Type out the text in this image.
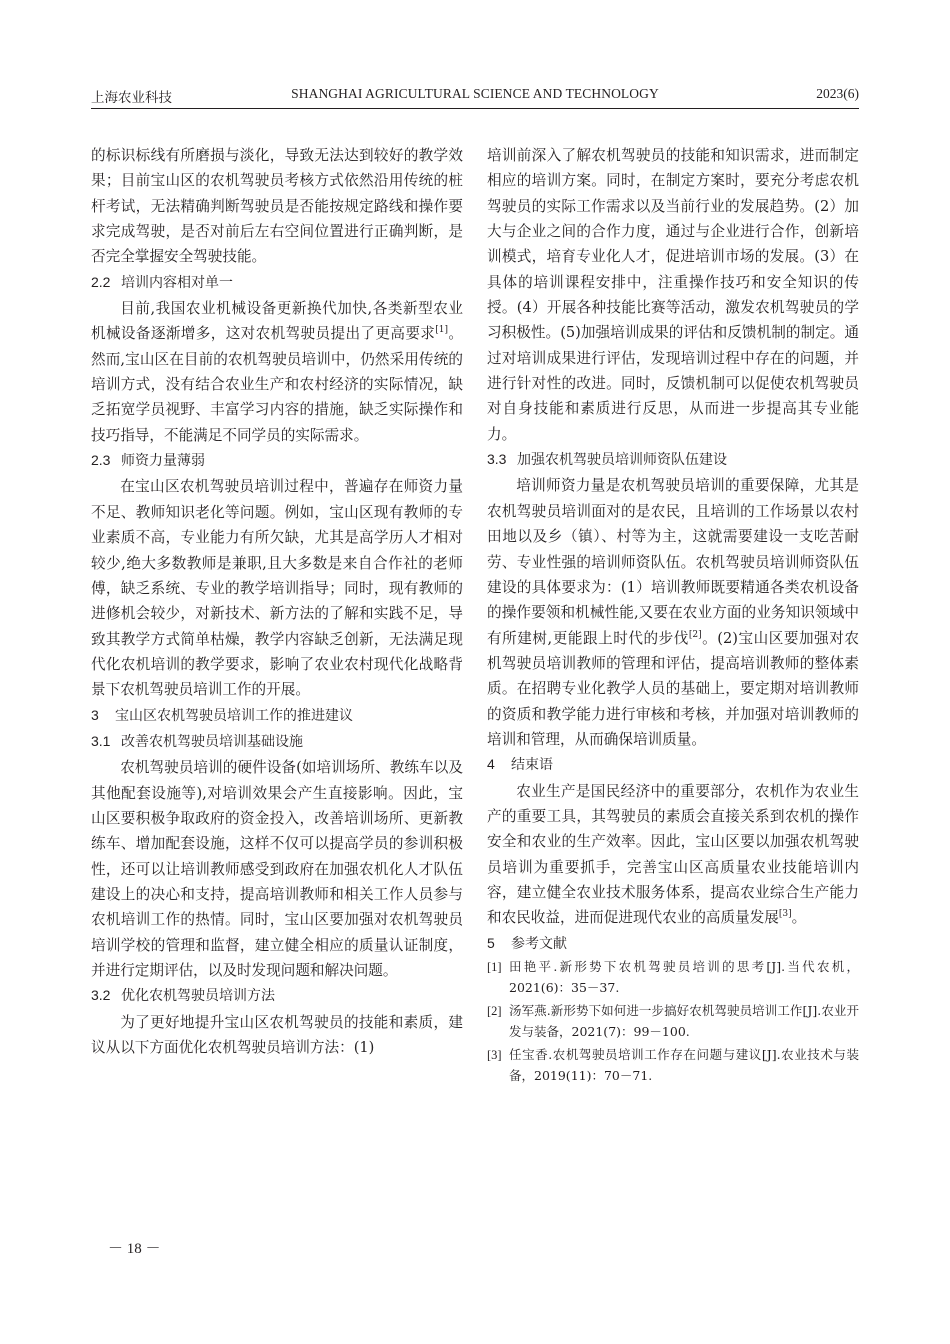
上海农业科技	SHANGHAI AGRICULTURAL SCIENCE AND TECHNOLOGY	2023(6)

的标识标线有所磨损与淡化，导致无法达到较好的教学效果；目前宝山区的农机驾驶员考核方式依然沿用传统的桩杆考试，无法精确判断驾驶员是否能按规定路线和操作要求完成驾驶，是否对前后左右空间位置进行正确判断，是否完全掌握安全驾驶技能。

2.2 培训内容相对单一

目前,我国农业机械设备更新换代加快,各类新型农业机械设备逐渐增多，这对农机驾驶员提出了更高要求[1]。然而,宝山区在目前的农机驾驶员培训中，仍然采用传统的培训方式，没有结合农业生产和农村经济的实际情况，缺乏拓宽学员视野、丰富学习内容的措施，缺乏实际操作和技巧指导，不能满足不同学员的实际需求。

2.3 师资力量薄弱

在宝山区农机驾驶员培训过程中，普遍存在师资力量不足、教师知识老化等问题。例如，宝山区现有教师的专业素质不高，专业能力有所欠缺，尤其是高学历人才相对较少,绝大多数教师是兼职,且大多数是来自合作社的老师傅，缺乏系统、专业的教学培训指导；同时，现有教师的进修机会较少，对新技术、新方法的了解和实践不足，导致其教学方式简单枯燥，教学内容缺乏创新，无法满足现代化农机培训的教学要求，影响了农业农村现代化战略背景下农机驾驶员培训工作的开展。

3 宝山区农机驾驶员培训工作的推进建议
3.1 改善农机驾驶员培训基础设施

农机驾驶员培训的硬件设备(如培训场所、教练车以及其他配套设施等),对培训效果会产生直接影响。因此，宝山区要积极争取政府的资金投入，改善培训场所、更新教练车、增加配套设施，这样不仅可以提高学员的参训积极性，还可以让培训教师感受到政府在加强农机化人才队伍建设上的决心和支持，提高培训教师和相关工作人员参与农机培训工作的热情。同时，宝山区要加强对农机驾驶员培训学校的管理和监督，建立健全相应的质量认证制度，并进行定期评估，以及时发现问题和解决问题。

3.2 优化农机驾驶员培训方法

为了更好地提升宝山区农机驾驶员的技能和素质，建议从以下方面优化农机驾驶员培训方法：(1)

培训前深入了解农机驾驶员的技能和知识需求，进而制定相应的培训方案。同时，在制定方案时，要充分考虑农机驾驶员的实际工作需求以及当前行业的发展趋势。(2）加大与企业之间的合作力度，通过与企业进行合作，创新培训模式，培育专业化人才，促进培训市场的发展。(3）在具体的培训课程安排中，注重操作技巧和安全知识的传授。(4）开展各种技能比赛等活动，激发农机驾驶员的学习积极性。(5)加强培训成果的评估和反馈机制的制定。通过对培训成果进行评估，发现培训过程中存在的问题，并进行针对性的改进。同时，反馈机制可以促使农机驾驶员对自身技能和素质进行反思，从而进一步提高其专业能力。

3.3 加强农机驾驶员培训师资队伍建设

培训师资力量是农机驾驶员培训的重要保障，尤其是农机驾驶员培训面对的是农民，且培训的工作场景以农村田地以及乡（镇）、村等为主，这就需要建设一支吃苦耐劳、专业性强的培训师资队伍。农机驾驶员培训师资队伍建设的具体要求为：(1）培训教师既要精通各类农机设备的操作要领和机械性能,又要在农业方面的业务知识领域中有所建树,更能跟上时代的步伐[2]。(2)宝山区要加强对农机驾驶员培训教师的管理和评估，提高培训教师的整体素质。在招聘专业化教学人员的基础上，要定期对培训教师的资质和教学能力进行审核和考核，并加强对培训教师的培训和管理，从而确保培训质量。

4 结束语

农业生产是国民经济中的重要部分，农机作为农业生产的重要工具，其驾驶员的素质会直接关系到农机的操作安全和农业的生产效率。因此，宝山区要以加强农机驾驶员培训为重要抓手，完善宝山区高质量农业技能培训内容，建立健全农业技术服务体系，提高农业综合生产能力和农民收益，进而促进现代农业的高质量发展[3]。

5 参考文献
[1] 田艳平.新形势下农机驾驶员培训的思考[J].当代农机，2021(6)：35－37.
[2] 汤军燕.新形势下如何进一步搞好农机驾驶员培训工作[J].农业开发与装备，2021(7)：99－100.
[3] 任宝香.农机驾驶员培训工作存在问题与建议[J].农业技术与装备，2019(11)：70－71.
－ 18 －
